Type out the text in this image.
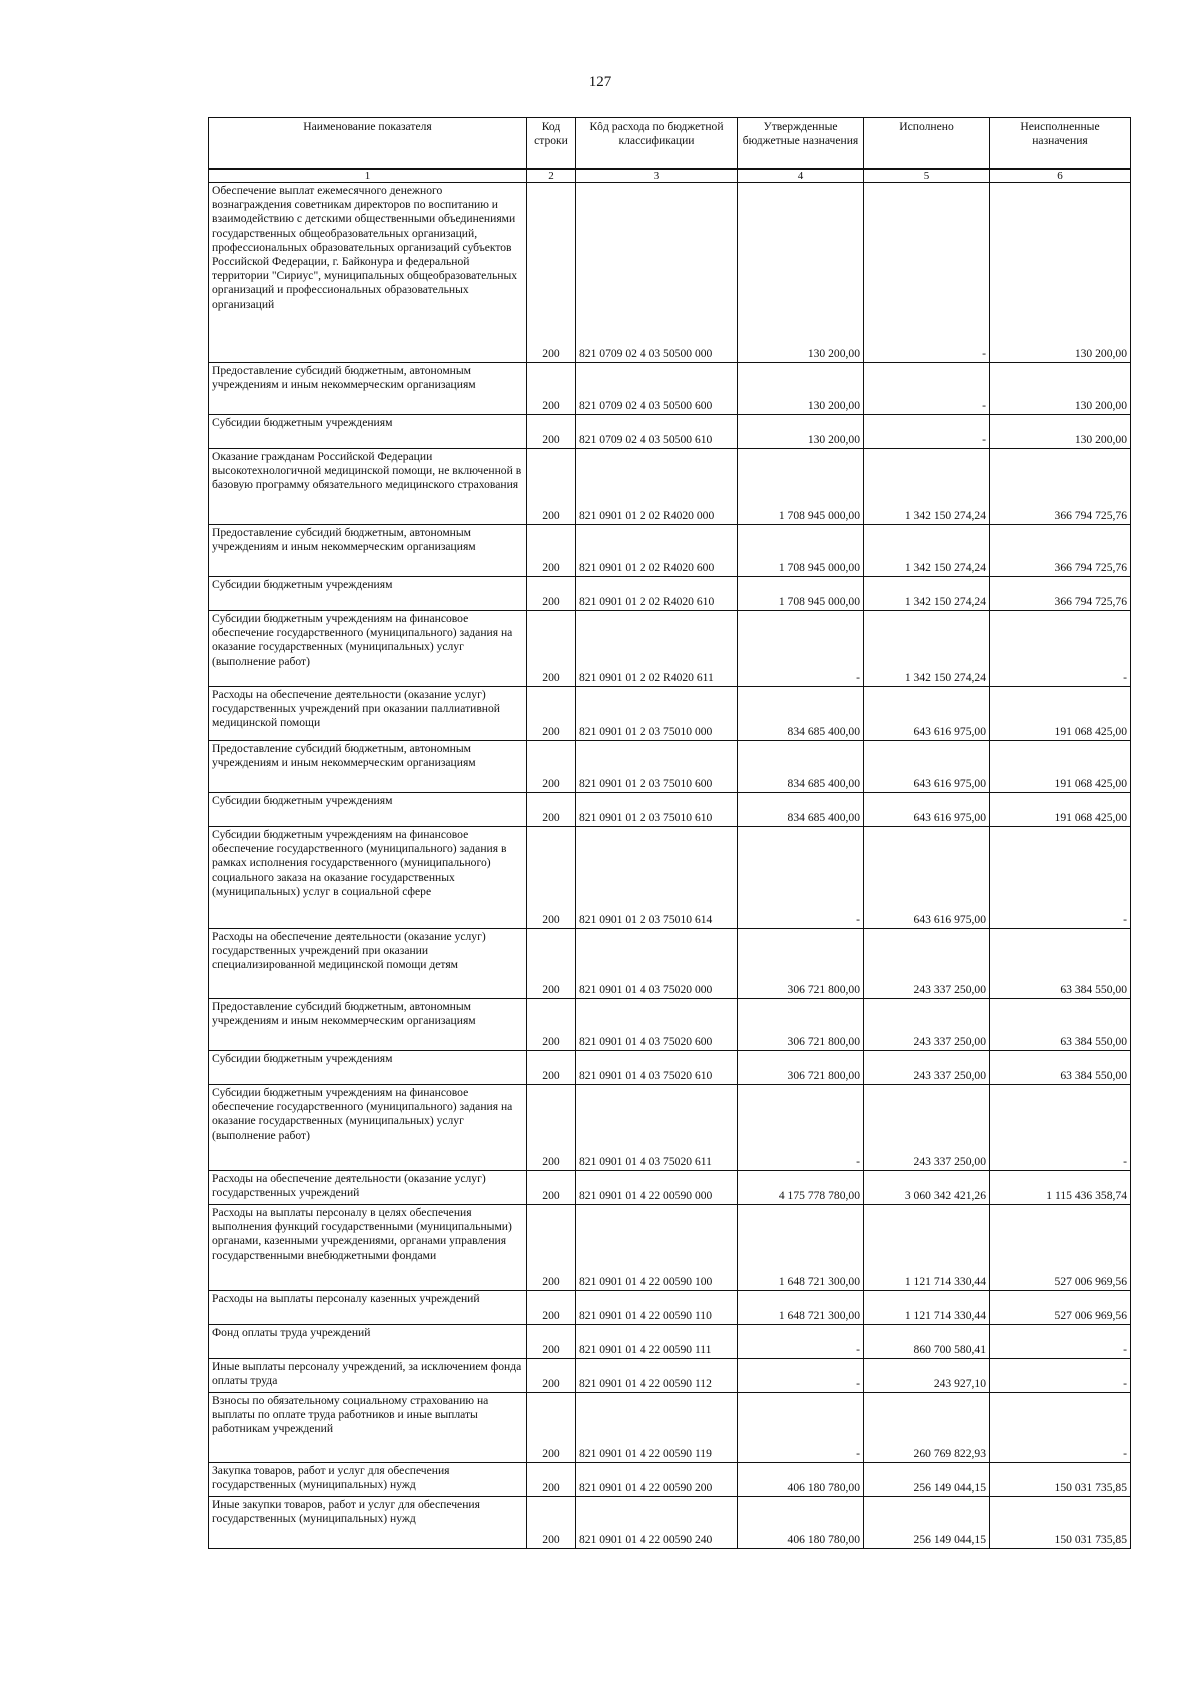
127
Наименование показателя	Код строки	Кôд расхода по бюджетной классификации	Утвержденные бюджетные назначения	Исполнено	Неисполненные назначения
1	2	3	4	5	6
Обеспечение выплат ежемесячного денежного вознаграждения советникам директоров по воспитанию и взаимодействию с детскими общественными объединениями государственных общеобразовательных организаций, профессиональных образовательных организаций субъектов Российской Федерации, г. Байконура и федеральной территории "Сириус", муниципальных общеобразовательных организаций и профессиональных образовательных организаций	200	821 0709 02 4 03 50500 000	130 200,00	-	130 200,00
Предоставление субсидий бюджетным, автономным учреждениям и иным некоммерческим организациям	200	821 0709 02 4 03 50500 600	130 200,00	-	130 200,00
Субсидии бюджетным учреждениям	200	821 0709 02 4 03 50500 610	130 200,00	-	130 200,00
Оказание гражданам Российской Федерации высокотехнологичной медицинской помощи, не включенной в базовую программу обязательного медицинского страхования	200	821 0901 01 2 02 R4020 000	1 708 945 000,00	1 342 150 274,24	366 794 725,76
Предоставление субсидий бюджетным, автономным учреждениям и иным некоммерческим организациям	200	821 0901 01 2 02 R4020 600	1 708 945 000,00	1 342 150 274,24	366 794 725,76
Субсидии бюджетным учреждениям	200	821 0901 01 2 02 R4020 610	1 708 945 000,00	1 342 150 274,24	366 794 725,76
Субсидии бюджетным учреждениям на финансовое обеспечение государственного (муниципального) задания на оказание государственных (муниципальных) услуг (выполнение работ)	200	821 0901 01 2 02 R4020 611	-	1 342 150 274,24	-
Расходы на обеспечение деятельности (оказание услуг) государственных учреждений при оказании паллиативной медицинской помощи	200	821 0901 01 2 03 75010 000	834 685 400,00	643 616 975,00	191 068 425,00
Предоставление субсидий бюджетным, автономным учреждениям и иным некоммерческим организациям	200	821 0901 01 2 03 75010 600	834 685 400,00	643 616 975,00	191 068 425,00
Субсидии бюджетным учреждениям	200	821 0901 01 2 03 75010 610	834 685 400,00	643 616 975,00	191 068 425,00
Субсидии бюджетным учреждениям на финансовое обеспечение государственного (муниципального) задания в рамках исполнения государственного (муниципального) социального заказа на оказание государственных (муниципальных) услуг в социальной сфере	200	821 0901 01 2 03 75010 614	-	643 616 975,00	-
Расходы на обеспечение деятельности (оказание услуг) государственных учреждений при оказании специализированной медицинской помощи детям	200	821 0901 01 4 03 75020 000	306 721 800,00	243 337 250,00	63 384 550,00
Предоставление субсидий бюджетным, автономным учреждениям и иным некоммерческим организациям	200	821 0901 01 4 03 75020 600	306 721 800,00	243 337 250,00	63 384 550,00
Субсидии бюджетным учреждениям	200	821 0901 01 4 03 75020 610	306 721 800,00	243 337 250,00	63 384 550,00
Субсидии бюджетным учреждениям на финансовое обеспечение государственного (муниципального) задания на оказание государственных (муниципальных) услуг (выполнение работ)	200	821 0901 01 4 03 75020 611	-	243 337 250,00	-
Расходы на обеспечение деятельности (оказание услуг) государственных учреждений	200	821 0901 01 4 22 00590 000	4 175 778 780,00	3 060 342 421,26	1 115 436 358,74
Расходы на выплаты персоналу в целях обеспечения выполнения функций государственными (муниципальными) органами, казенными учреждениями, органами управления государственными внебюджетными фондами	200	821 0901 01 4 22 00590 100	1 648 721 300,00	1 121 714 330,44	527 006 969,56
Расходы на выплаты персоналу казенных учреждений	200	821 0901 01 4 22 00590 110	1 648 721 300,00	1 121 714 330,44	527 006 969,56
Фонд оплаты труда учреждений	200	821 0901 01 4 22 00590 111	-	860 700 580,41	-
Иные выплаты персоналу учреждений, за исключением фонда оплаты труда	200	821 0901 01 4 22 00590 112	-	243 927,10	-
Взносы по обязательному социальному страхованию на выплаты по оплате труда работников и иные выплаты работникам учреждений	200	821 0901 01 4 22 00590 119	-	260 769 822,93	-
Закупка товаров, работ и услуг для обеспечения государственных (муниципальных) нужд	200	821 0901 01 4 22 00590 200	406 180 780,00	256 149 044,15	150 031 735,85
Иные закупки товаров, работ и услуг для обеспечения государственных (муниципальных) нужд	200	821 0901 01 4 22 00590 240	406 180 780,00	256 149 044,15	150 031 735,85
